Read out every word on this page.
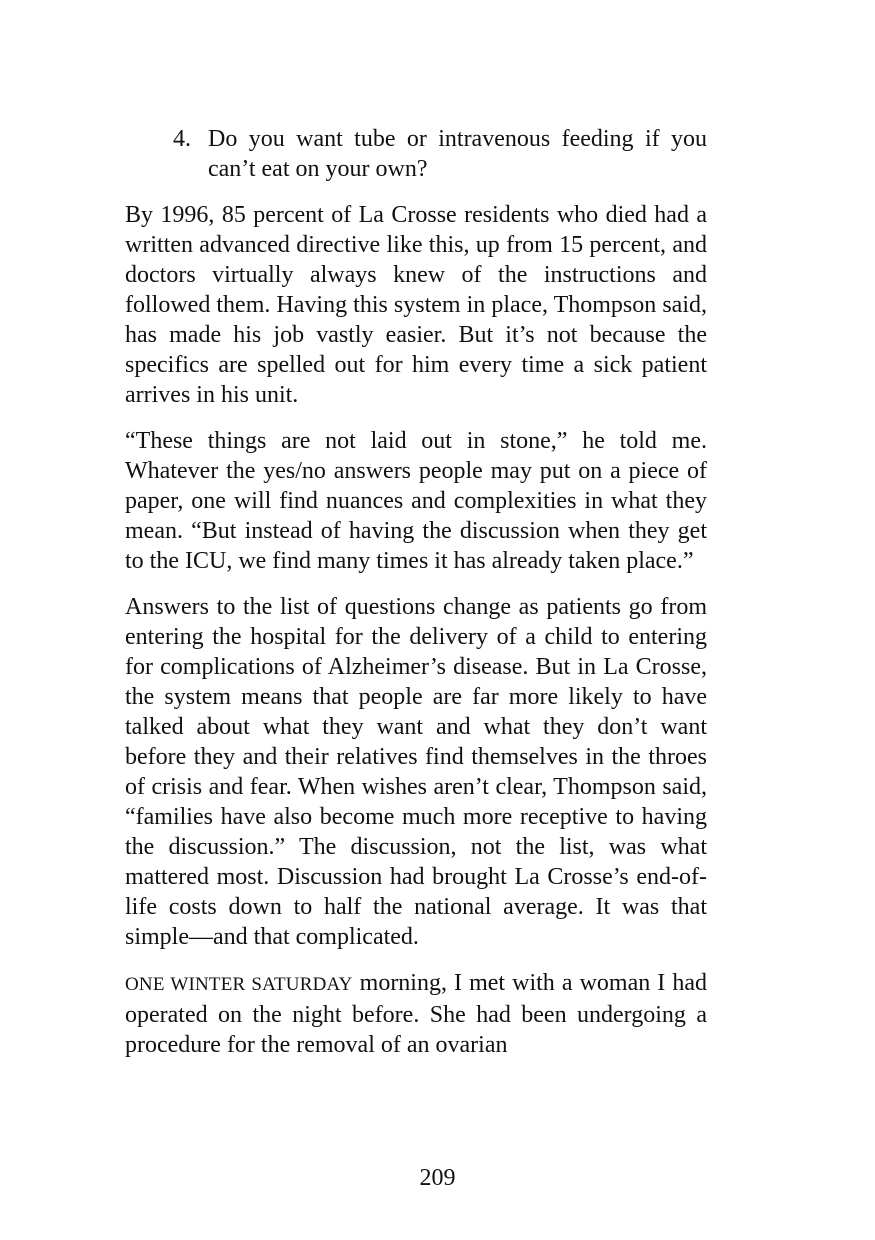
4. Do you want tube or intravenous feeding if you can’t eat on your own?

By 1996, 85 percent of La Crosse residents who died had a written advanced directive like this, up from 15 percent, and doctors virtually always knew of the instructions and followed them. Having this system in place, Thompson said, has made his job vastly easier. But it’s not because the specifics are spelled out for him every time a sick patient arrives in his unit.

“These things are not laid out in stone,” he told me. Whatever the yes/no answers people may put on a piece of paper, one will find nuances and complexities in what they mean. “But instead of having the discussion when they get to the ICU, we find many times it has already taken place.”

Answers to the list of questions change as patients go from entering the hospital for the delivery of a child to entering for complications of Alzheimer’s disease. But in La Crosse, the system means that people are far more likely to have talked about what they want and what they don’t want before they and their relatives find themselves in the throes of crisis and fear. When wishes aren’t clear, Thompson said, “families have also become much more receptive to having the discussion.” The discussion, not the list, was what mattered most. Discussion had brought La Crosse’s end-of-life costs down to half the national average. It was that simple—and that complicated.

ONE WINTER SATURDAY morning, I met with a woman I had operated on the night before. She had been undergoing a procedure for the removal of an ovarian

209
